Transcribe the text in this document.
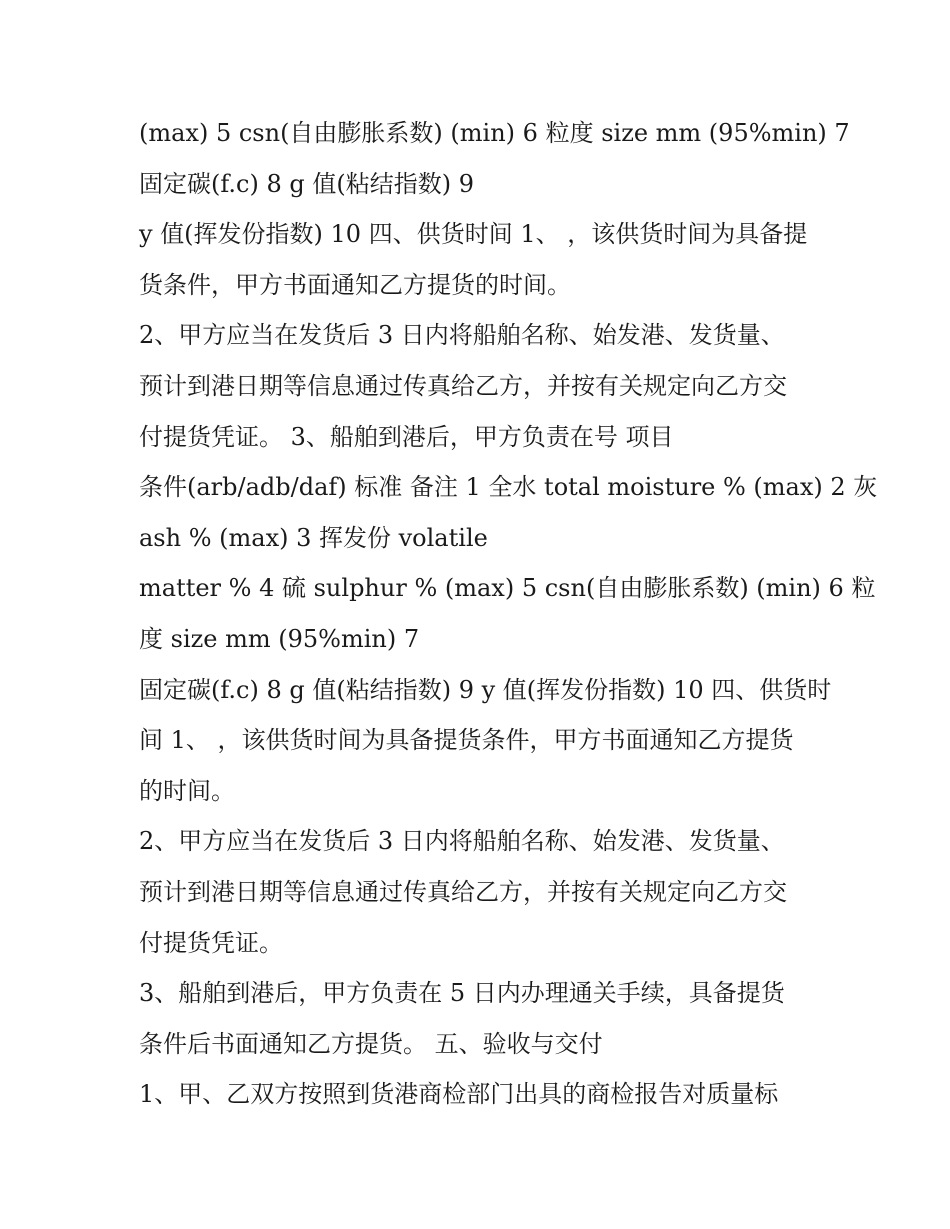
(max) 5 csn(自由膨胀系数) (min) 6 粒度 size mm (95%min) 7

固定碳(f.c) 8 g 值(粘结指数) 9

y 值(挥发份指数) 10 四、供货时间 1、 ，该供货时间为具备提

货条件，甲方书面通知乙方提货的时间。

2、甲方应当在发货后 3 日内将船舶名称、始发港、发货量、

预计到港日期等信息通过传真给乙方，并按有关规定向乙方交

付提货凭证。 3、船舶到港后，甲方负责在号 项目

条件(arb/adb/daf) 标准 备注 1 全水 total moisture % (max) 2 灰

ash % (max) 3 挥发份 volatile

matter % 4 硫 sulphur % (max) 5 csn(自由膨胀系数) (min) 6 粒

度 size mm (95%min) 7

固定碳(f.c) 8 g 值(粘结指数) 9 y 值(挥发份指数) 10 四、供货时

间 1、 ，该供货时间为具备提货条件，甲方书面通知乙方提货

的时间。

2、甲方应当在发货后 3 日内将船舶名称、始发港、发货量、

预计到港日期等信息通过传真给乙方，并按有关规定向乙方交

付提货凭证。

3、船舶到港后，甲方负责在 5 日内办理通关手续，具备提货

条件后书面通知乙方提货。 五、验收与交付

1、甲、乙双方按照到货港商检部门出具的商检报告对质量标
